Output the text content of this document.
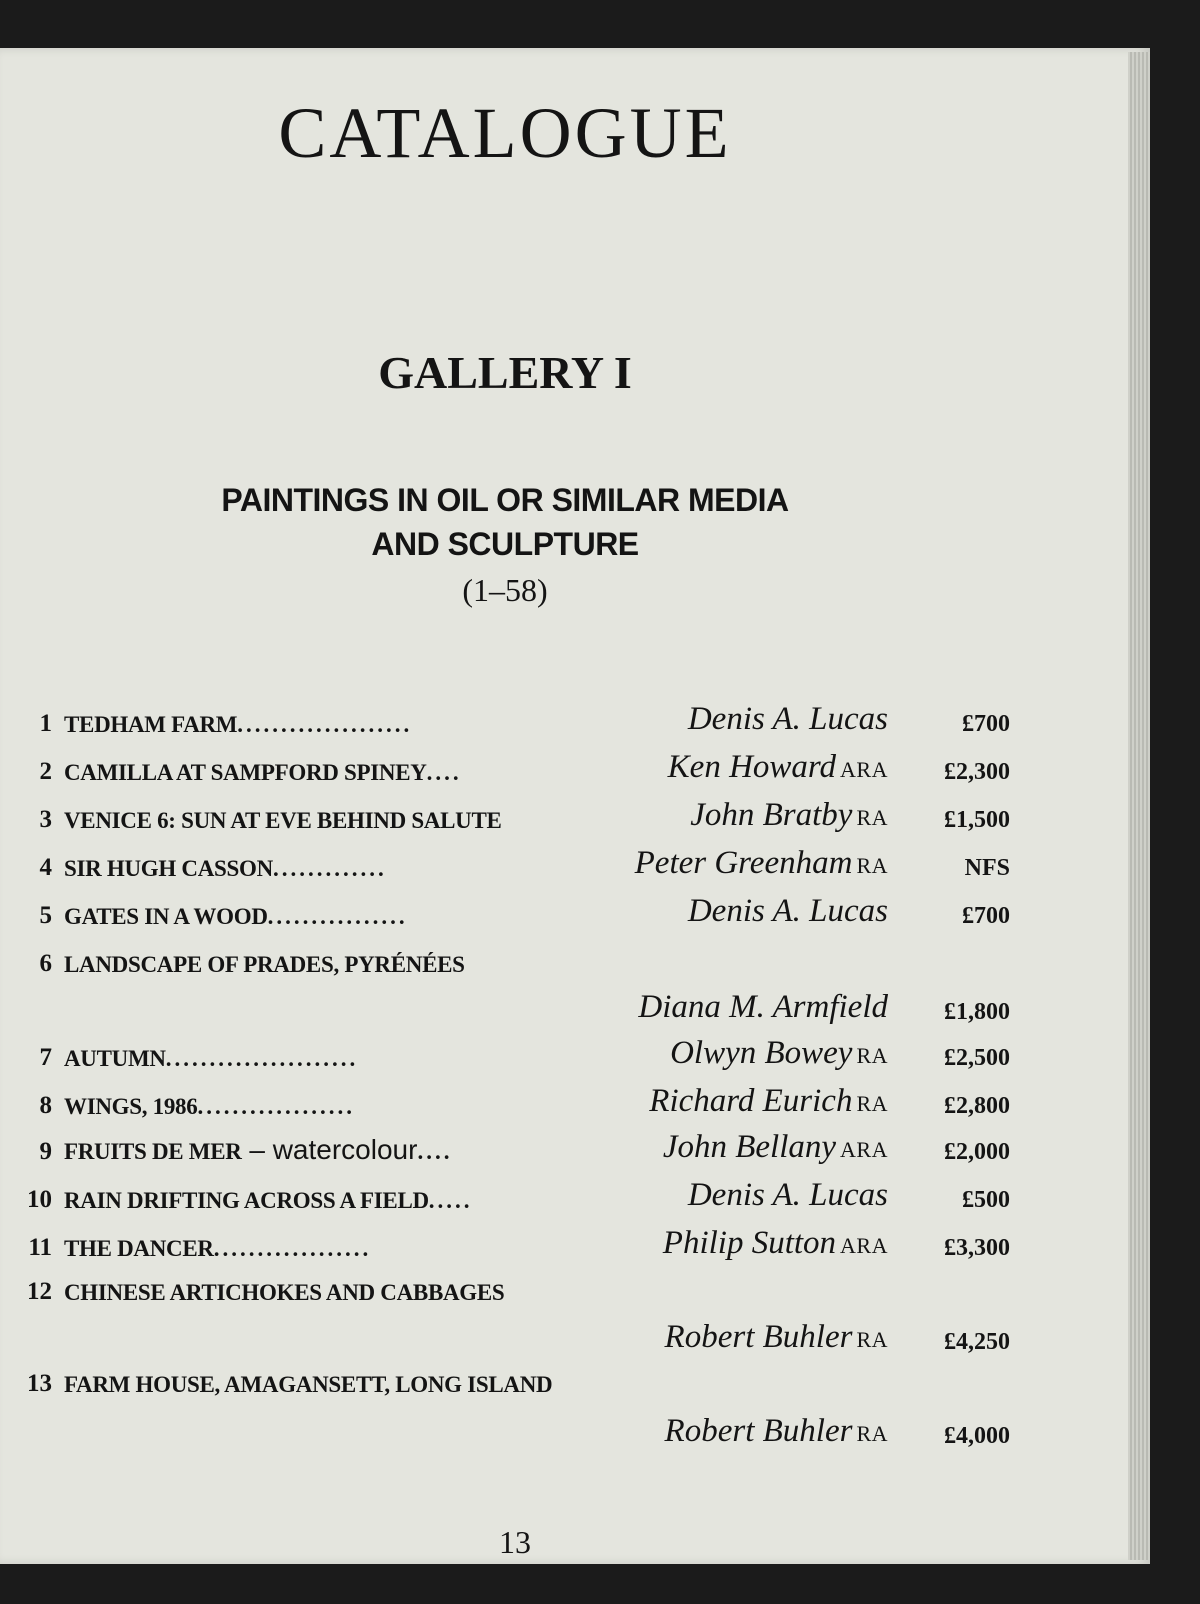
CATALOGUE
GALLERY I
PAINTINGS IN OIL OR SIMILAR MEDIA
AND SCULPTURE
(1–58)
1 TEDHAM FARM....................	Denis A. Lucas	£700
2 CAMILLA AT SAMPFORD SPINEY....	Ken Howard ARA £2,300
3 VENICE 6: SUN AT EVE BEHIND SALUTE	John Bratby RA £1,500
4 SIR HUGH CASSON.............	Peter Greenham RA	NFS
5 GATES IN A WOOD................	Denis A. Lucas	£700
6 LANDSCAPE OF PRADES, PYRÉNÉES
Diana M. Armfield £1,800
7 AUTUMN......................	Olwyn Bowey RA £2,500
8 WINGS, 1986..................	Richard Eurich RA £2,800
9 FRUITS DE MER – watercolour....	John Bellany ARA £2,000
10 RAIN DRIFTING ACROSS A FIELD.....	Denis A. Lucas	£500
11 THE DANCER..................	Philip Sutton ARA £3,300
12 CHINESE ARTICHOKES AND CABBAGES
Robert Buhler RA £4,250
13 FARM HOUSE, AMAGANSETT, LONG ISLAND
Robert Buhler RA £4,000
13
